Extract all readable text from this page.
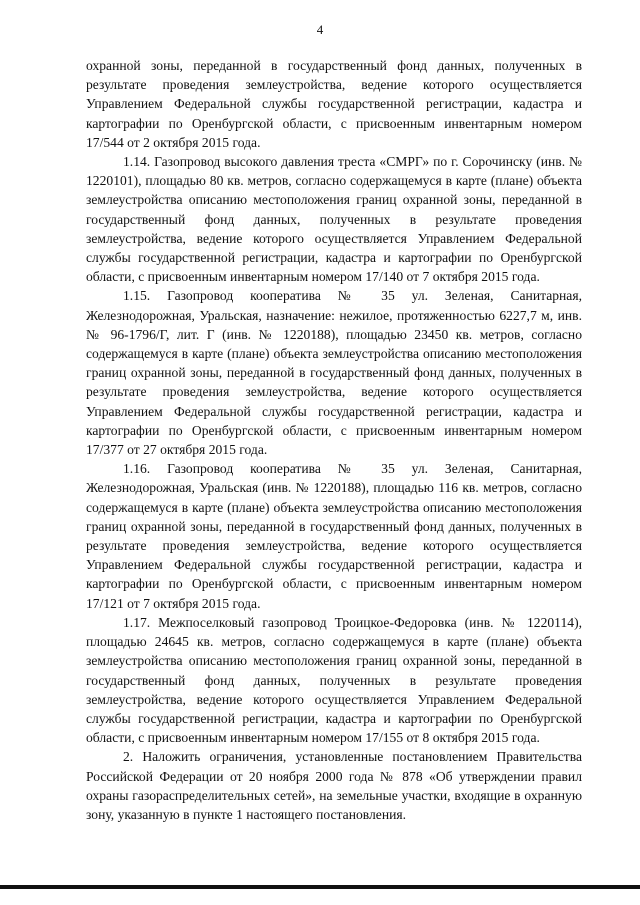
4

охранной зоны, переданной в государственный фонд данных, полученных в результате проведения землеустройства, ведение которого осуществляется Управлением Федеральной службы государственной регистрации, кадастра и картографии по Оренбургской области, с присвоенным инвентарным номером 17/544 от 2 октября 2015 года.

1.14. Газопровод высокого давления треста «СМРГ» по г. Сорочинску (инв. № 1220101), площадью 80 кв. метров, согласно содержащемуся в карте (плане) объекта землеустройства описанию местоположения границ охранной зоны, переданной в государственный фонд данных, полученных в результате проведения землеустройства, ведение которого осуществляется Управлением Федеральной службы государственной регистрации, кадастра и картографии по Оренбургской области, с присвоенным инвентарным номером 17/140 от 7 октября 2015 года.

1.15. Газопровод кооператива № 35 ул. Зеленая, Санитарная, Железнодорожная, Уральская, назначение: нежилое, протяженностью 6227,7 м, инв. № 96-1796/Г, лит. Г (инв. № 1220188), площадью 23450 кв. метров, согласно содержащемуся в карте (плане) объекта землеустройства описанию местоположения границ охранной зоны, переданной в государственный фонд данных, полученных в результате проведения землеустройства, ведение которого осуществляется Управлением Федеральной службы государственной регистрации, кадастра и картографии по Оренбургской области, с присвоенным инвентарным номером 17/377 от 27 октября 2015 года.

1.16. Газопровод кооператива № 35 ул. Зеленая, Санитарная, Железнодорожная, Уральская (инв. № 1220188), площадью 116 кв. метров, согласно содержащемуся в карте (плане) объекта землеустройства описанию местоположения границ охранной зоны, переданной в государственный фонд данных, полученных в результате проведения землеустройства, ведение которого осуществляется Управлением Федеральной службы государственной регистрации, кадастра и картографии по Оренбургской области, с присвоенным инвентарным номером 17/121 от 7 октября 2015 года.

1.17. Межпоселковый газопровод Троицкое-Федоровка (инв. № 1220114), площадью 24645 кв. метров, согласно содержащемуся в карте (плане) объекта землеустройства описанию местоположения границ охранной зоны, переданной в государственный фонд данных, полученных в результате проведения землеустройства, ведение которого осуществляется Управлением Федеральной службы государственной регистрации, кадастра и картографии по Оренбургской области, с присвоенным инвентарным номером 17/155 от 8 октября 2015 года.

2. Наложить ограничения, установленные постановлением Правительства Российской Федерации от 20 ноября 2000 года № 878 «Об утверждении правил охраны газораспределительных сетей», на земельные участки, входящие в охранную зону, указанную в пункте 1 настоящего постановления.
